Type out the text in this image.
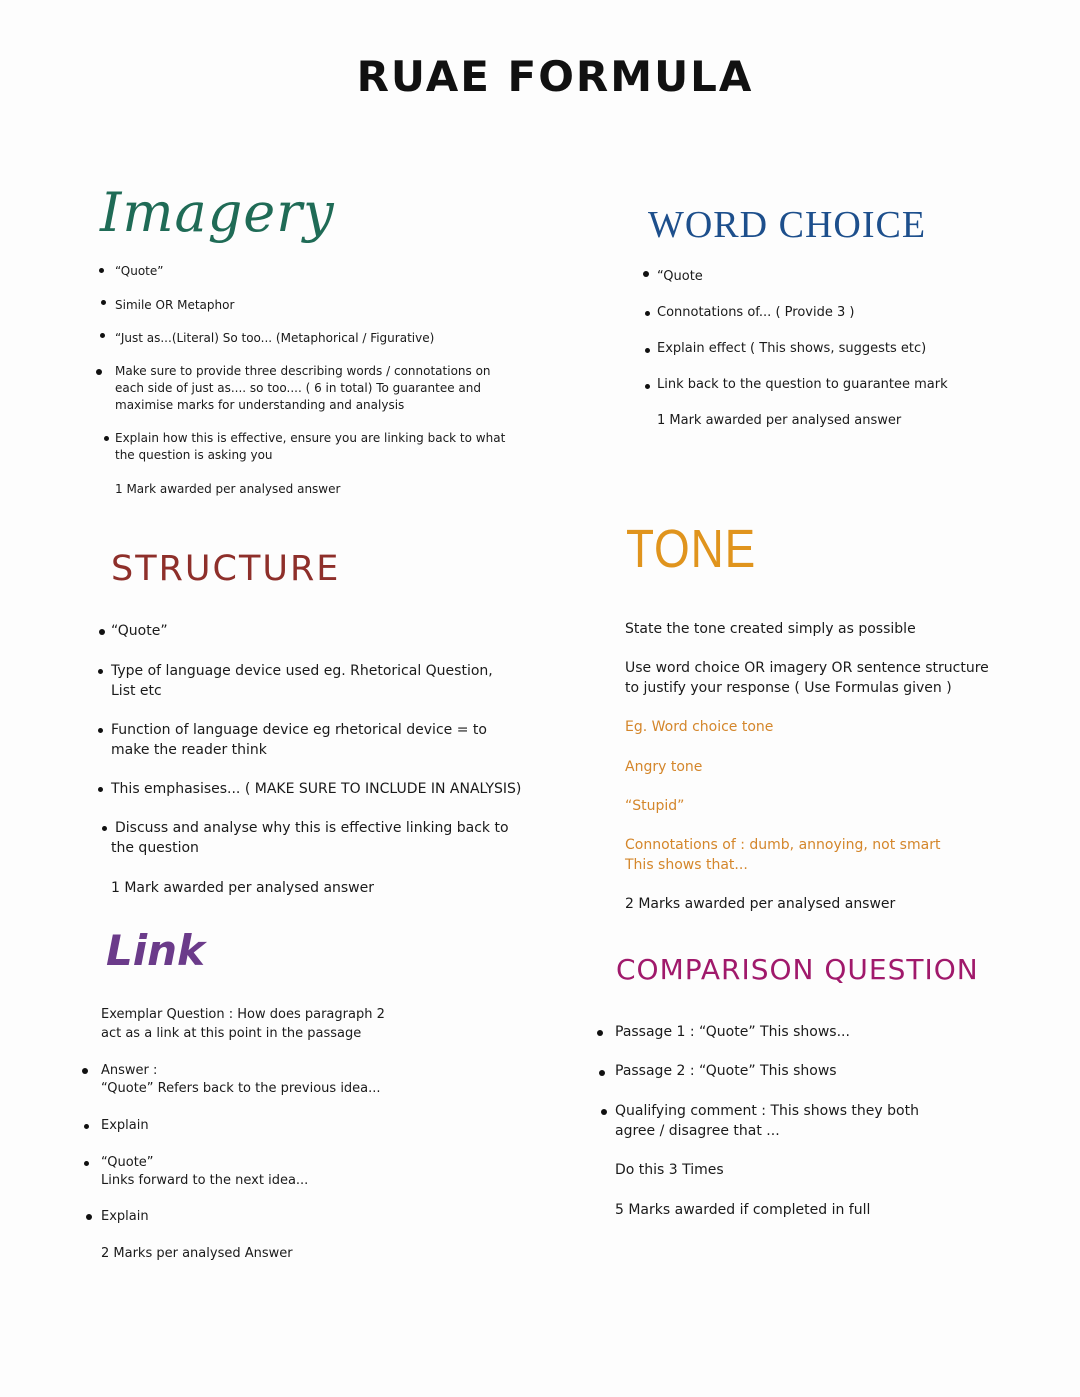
RUAE FORMULA
Imagery
“Quote”
Simile OR Metaphor
“Just as...(Literal) So too... (Metaphorical / Figurative)
Make sure to provide three describing words / connotations on
each side of just as.... so too.... ( 6 in total) To guarantee and
maximise marks for understanding and analysis
Explain how this is effective, ensure you are linking back to what
the question is asking you
1 Mark awarded per analysed answer
WORD CHOICE
“Quote
Connotations of... ( Provide 3 )
Explain effect ( This shows, suggests etc)
Link back to the question to guarantee mark
1 Mark awarded per analysed answer
STRUCTURE
“Quote”
Type of language device used eg. Rhetorical Question,
List etc
Function of language device eg rhetorical device = to
make the reader think
This emphasises... ( MAKE SURE TO INCLUDE IN ANALYSIS)
Discuss and analyse why this is effective linking back to
the question
1 Mark awarded per analysed answer
TONE
State the tone created simply as possible
Use word choice OR imagery OR sentence structure
to justify your response ( Use Formulas given )
Eg. Word choice tone
Angry tone
“Stupid”
Connotations of : dumb, annoying, not smart
This shows that...
2 Marks awarded per analysed answer
Link
Exemplar Question : How does paragraph 2
act as a link at this point in the passage
Answer :
“Quote” Refers back to the previous idea...
Explain
“Quote”
Links forward to the next idea...
Explain
2 Marks per analysed Answer
COMPARISON QUESTION
Passage 1 : “Quote” This shows...
Passage 2 : “Quote” This shows
Qualifying comment : This shows they both
agree / disagree that ...
Do this 3 Times
5 Marks awarded if completed in full
